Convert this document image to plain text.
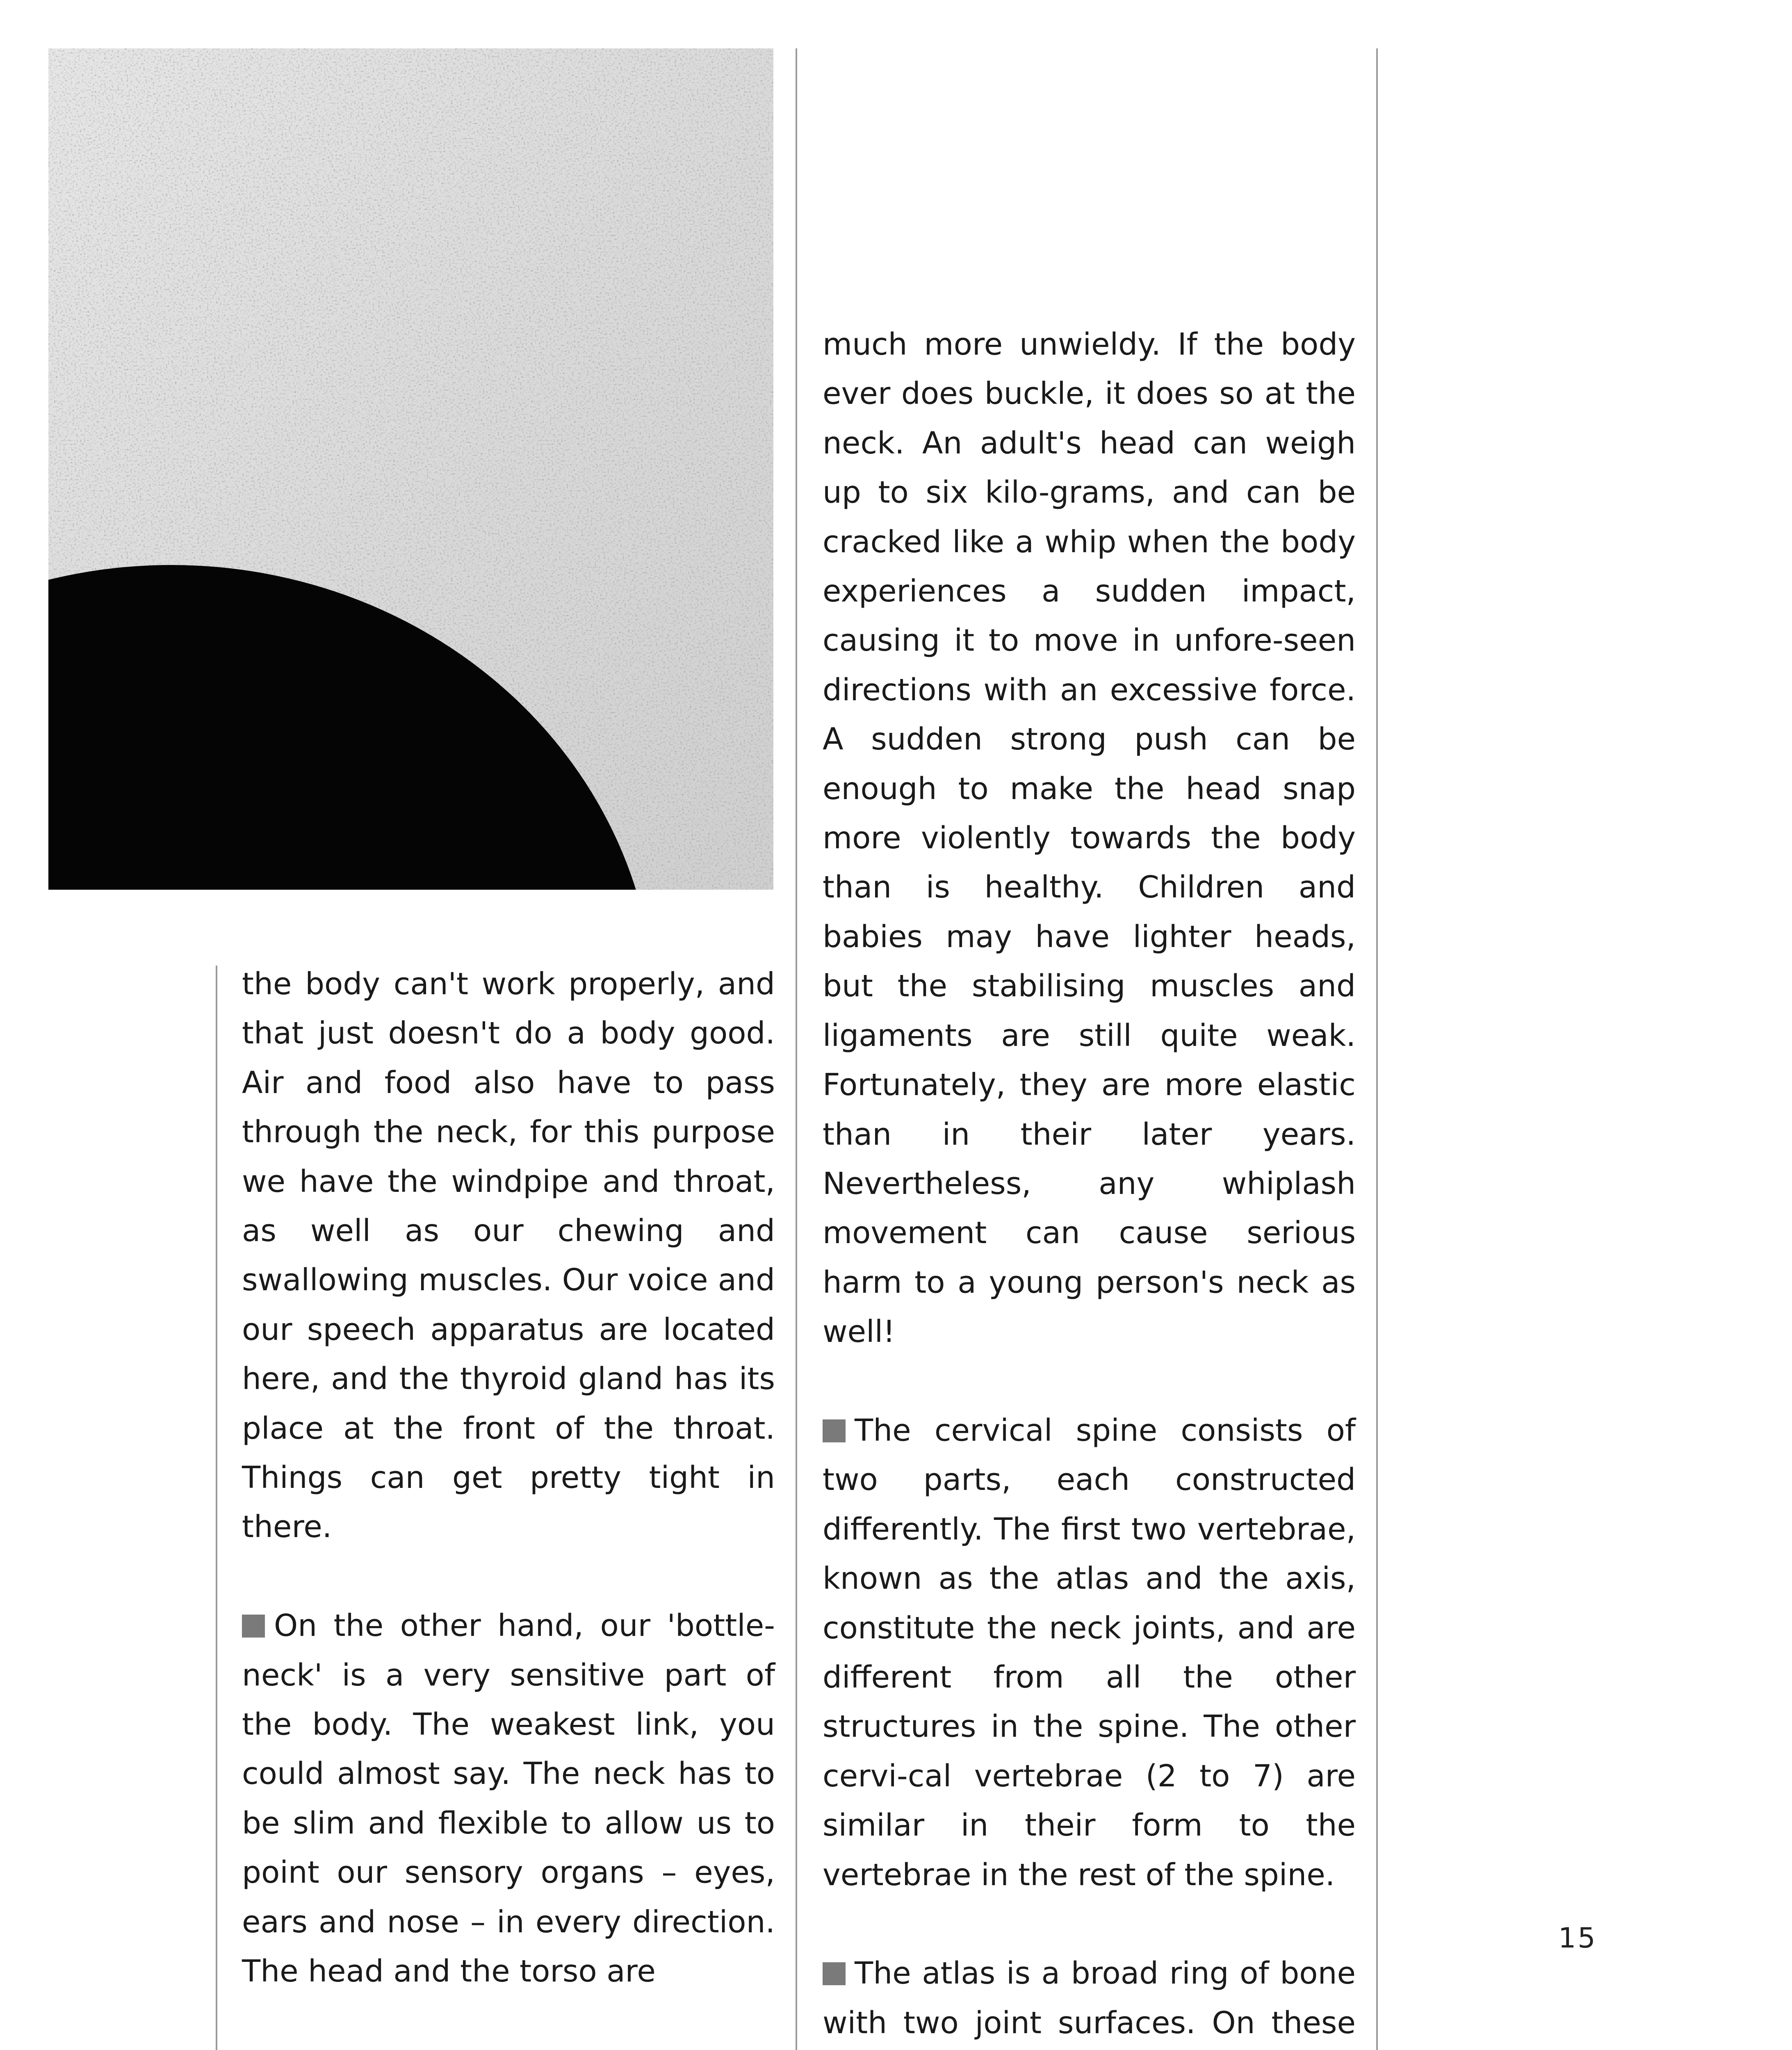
the body can't work properly, and that just doesn't do a body good. Air and food also have to pass through the neck, for this purpose we have the windpipe and throat, as well as our chewing and swallowing muscles. Our voice and our speech apparatus are located here, and the thyroid gland has its place at the front of the throat. Things can get pretty tight in there.

On the other hand, our 'bottle-neck' is a very sensitive part of the body. The weakest link, you could almost say. The neck has to be slim and flexible to allow us to point our sensory organs – eyes, ears and nose – in every direction. The head and the torso are

much more unwieldy. If the body ever does buckle, it does so at the neck. An adult's head can weigh up to six kilo-grams, and can be cracked like a whip when the body experiences a sudden impact, causing it to move in unfore-seen directions with an excessive force. A sudden strong push can be enough to make the head snap more violently towards the body than is healthy. Children and babies may have lighter heads, but the stabilising muscles and ligaments are still quite weak. Fortunately, they are more elastic than in their later years. Nevertheless, any whiplash movement can cause serious harm to a young person's neck as well!

The cervical spine consists of two parts, each constructed differently. The first two vertebrae, known as the atlas and the axis, constitute the neck joints, and are different from all the other structures in the spine. The other cervi-cal vertebrae (2 to 7) are similar in their form to the vertebrae in the rest of the spine.

The atlas is a broad ring of bone with two joint surfaces. On these

15
